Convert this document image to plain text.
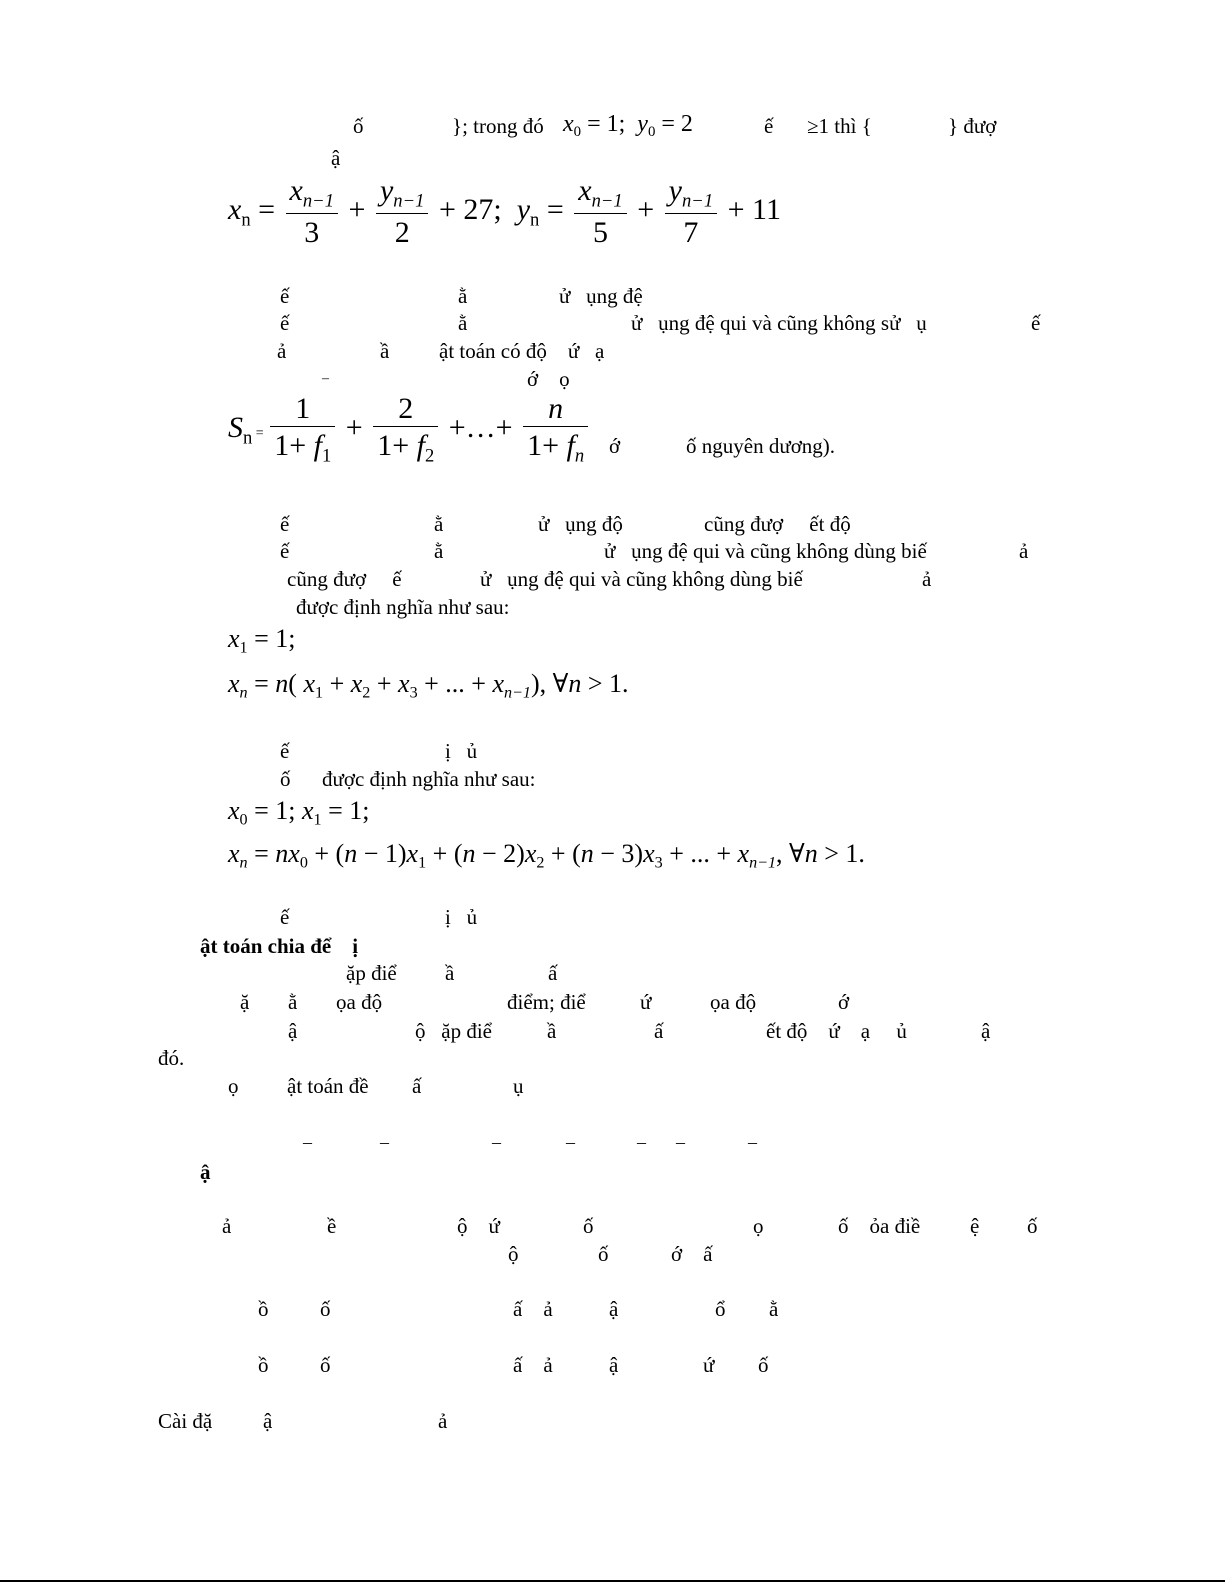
ố	}; trong đó $x_0 = 1$;  $y_0 = 2$	ế ≥1 thì {	} đượ
ậ
$x_n = \frac{x_{n-1}}{3} + \frac{y_{n-1}}{2} + 27$;  $y_n = \frac{x_{n-1}}{5} + \frac{y_{n-1}}{7} + 11$
ế	ằ	ử   ụng đệ
ế	ằ	ử   ụng đệ qui và cũng không sử   ụ	ế
ả	ầ ật toán có độ    ứ   ạ
–	ớ    ọ
$S_n = \frac{1}{1+ f_1} + \frac{2}{1+ f_2}$ +…+ $\frac{n}{1+ f_n}$ ớ	ố nguyên dương).
ế	ằ	ử   ụng độ	cũng đượ     ết độ
ế	ằ	ử   ụng đệ qui và cũng không dùng biế	ả
cũng đượ     ế	ử   ụng đệ qui và cũng không dùng biế	ả
được định nghĩa như sau:
$x_1 = 1$;
$x_n = n$( $x_1 + x_2 + x_3$ + ... + $x_{n-1}$), ∀n > 1.
ế	ị   ủ
ố được định nghĩa như sau:
$x_0 = 1$; $x_1 = 1$;
$x_n = nx_0 + (n - 1)x_1 + (n - 2)x_2 + (n - 3)x_3$ + ... + $x_{n-1}$, ∀n > 1.
ế	ị   ủ
ật toán chia để    ị
ặp điể ầ	ấ
ặ ằ ọa độ	điểm; điể	ứ	ọa độ	ớ
ậ	ộ   ặp điể	ầ	ấ	ết độ    ứ    ạ     ủ	ậ
đó.
ọ ật toán đề ấ	ụ
–	–	–	–	– –	–
ậ
ả	ề	ộ    ứ	ố	ọ	ố    ỏa điề ệ ố
ộ	ố	ớ    ấ
ồ ố	ấ    ả	ậ	ổ ằ
ồ ố	ấ    ả	ậ	ứ ố
Cài đặ ậ	ả
